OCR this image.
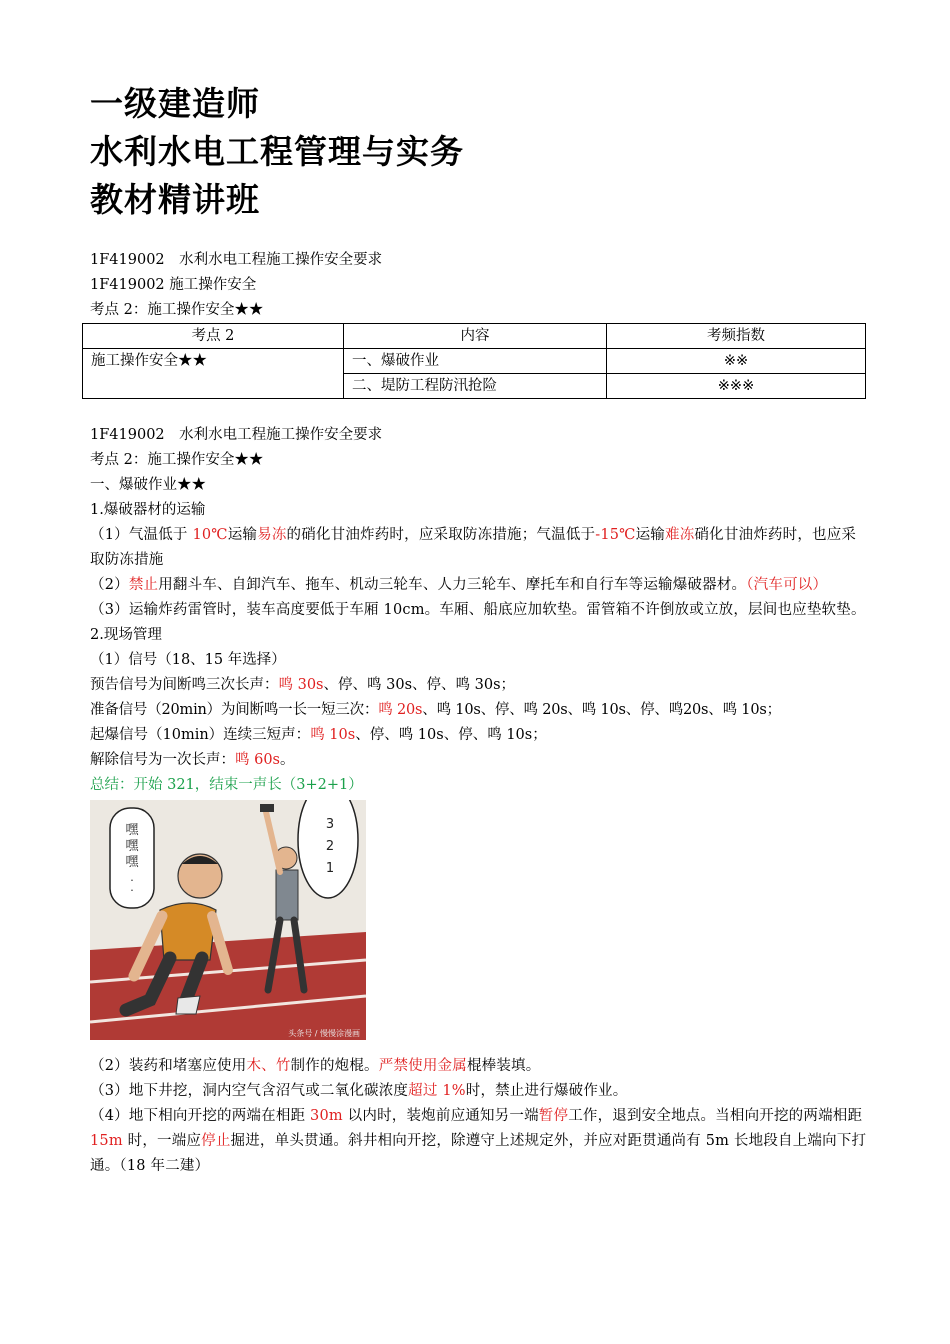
一级建造师
水利水电工程管理与实务
教材精讲班
1F419002　水利水电工程施工操作安全要求
1F419002 施工操作安全
考点 2：施工操作安全★★
考点 2	内容	考频指数
施工操作安全★★	一、爆破作业	※※
	二、堤防工程防汛抢险	※※※
1F419002　水利水电工程施工操作安全要求
考点 2：施工操作安全★★
一、爆破作业★★
1.爆破器材的运输
（1）气温低于 10℃运输易冻的硝化甘油炸药时，应采取防冻措施；气温低于-15℃运输难冻硝化甘油炸药时，也应采取防冻措施
（2）禁止用翻斗车、自卸汽车、拖车、机动三轮车、人力三轮车、摩托车和自行车等运输爆破器材。（汽车可以）
（3）运输炸药雷管时，装车高度要低于车厢 10cm。车厢、船底应加软垫。雷管箱不许倒放或立放，层间也应垫软垫。
2.现场管理
（1）信号（18、15 年选择）
预告信号为间断鸣三次长声：鸣 30s、停、鸣 30s、停、鸣 30s；
准备信号（20min）为间断鸣一长一短三次：鸣 20s、鸣 10s、停、鸣 20s、鸣 10s、停、鸣20s、鸣 10s；
起爆信号（10min）连续三短声：鸣 10s、停、鸣 10s、停、鸣 10s；
解除信号为一次长声：鸣 60s。
总结：开始 321，结束一声长（3+2+1）
嘿
嘿
嘿
·
·
3
2
1
头条号 / 慢慢涂漫画
（2）装药和堵塞应使用木、竹制作的炮棍。严禁使用金属棍棒装填。
（3）地下井挖，洞内空气含沼气或二氧化碳浓度超过 1%时，禁止进行爆破作业。
（4）地下相向开挖的两端在相距 30m 以内时，装炮前应通知另一端暂停工作，退到安全地点。当相向开挖的两端相距 15m 时，一端应停止掘进，单头贯通。斜井相向开挖，除遵守上述规定外，并应对距贯通尚有 5m 长地段自上端向下打通。（18 年二建）
